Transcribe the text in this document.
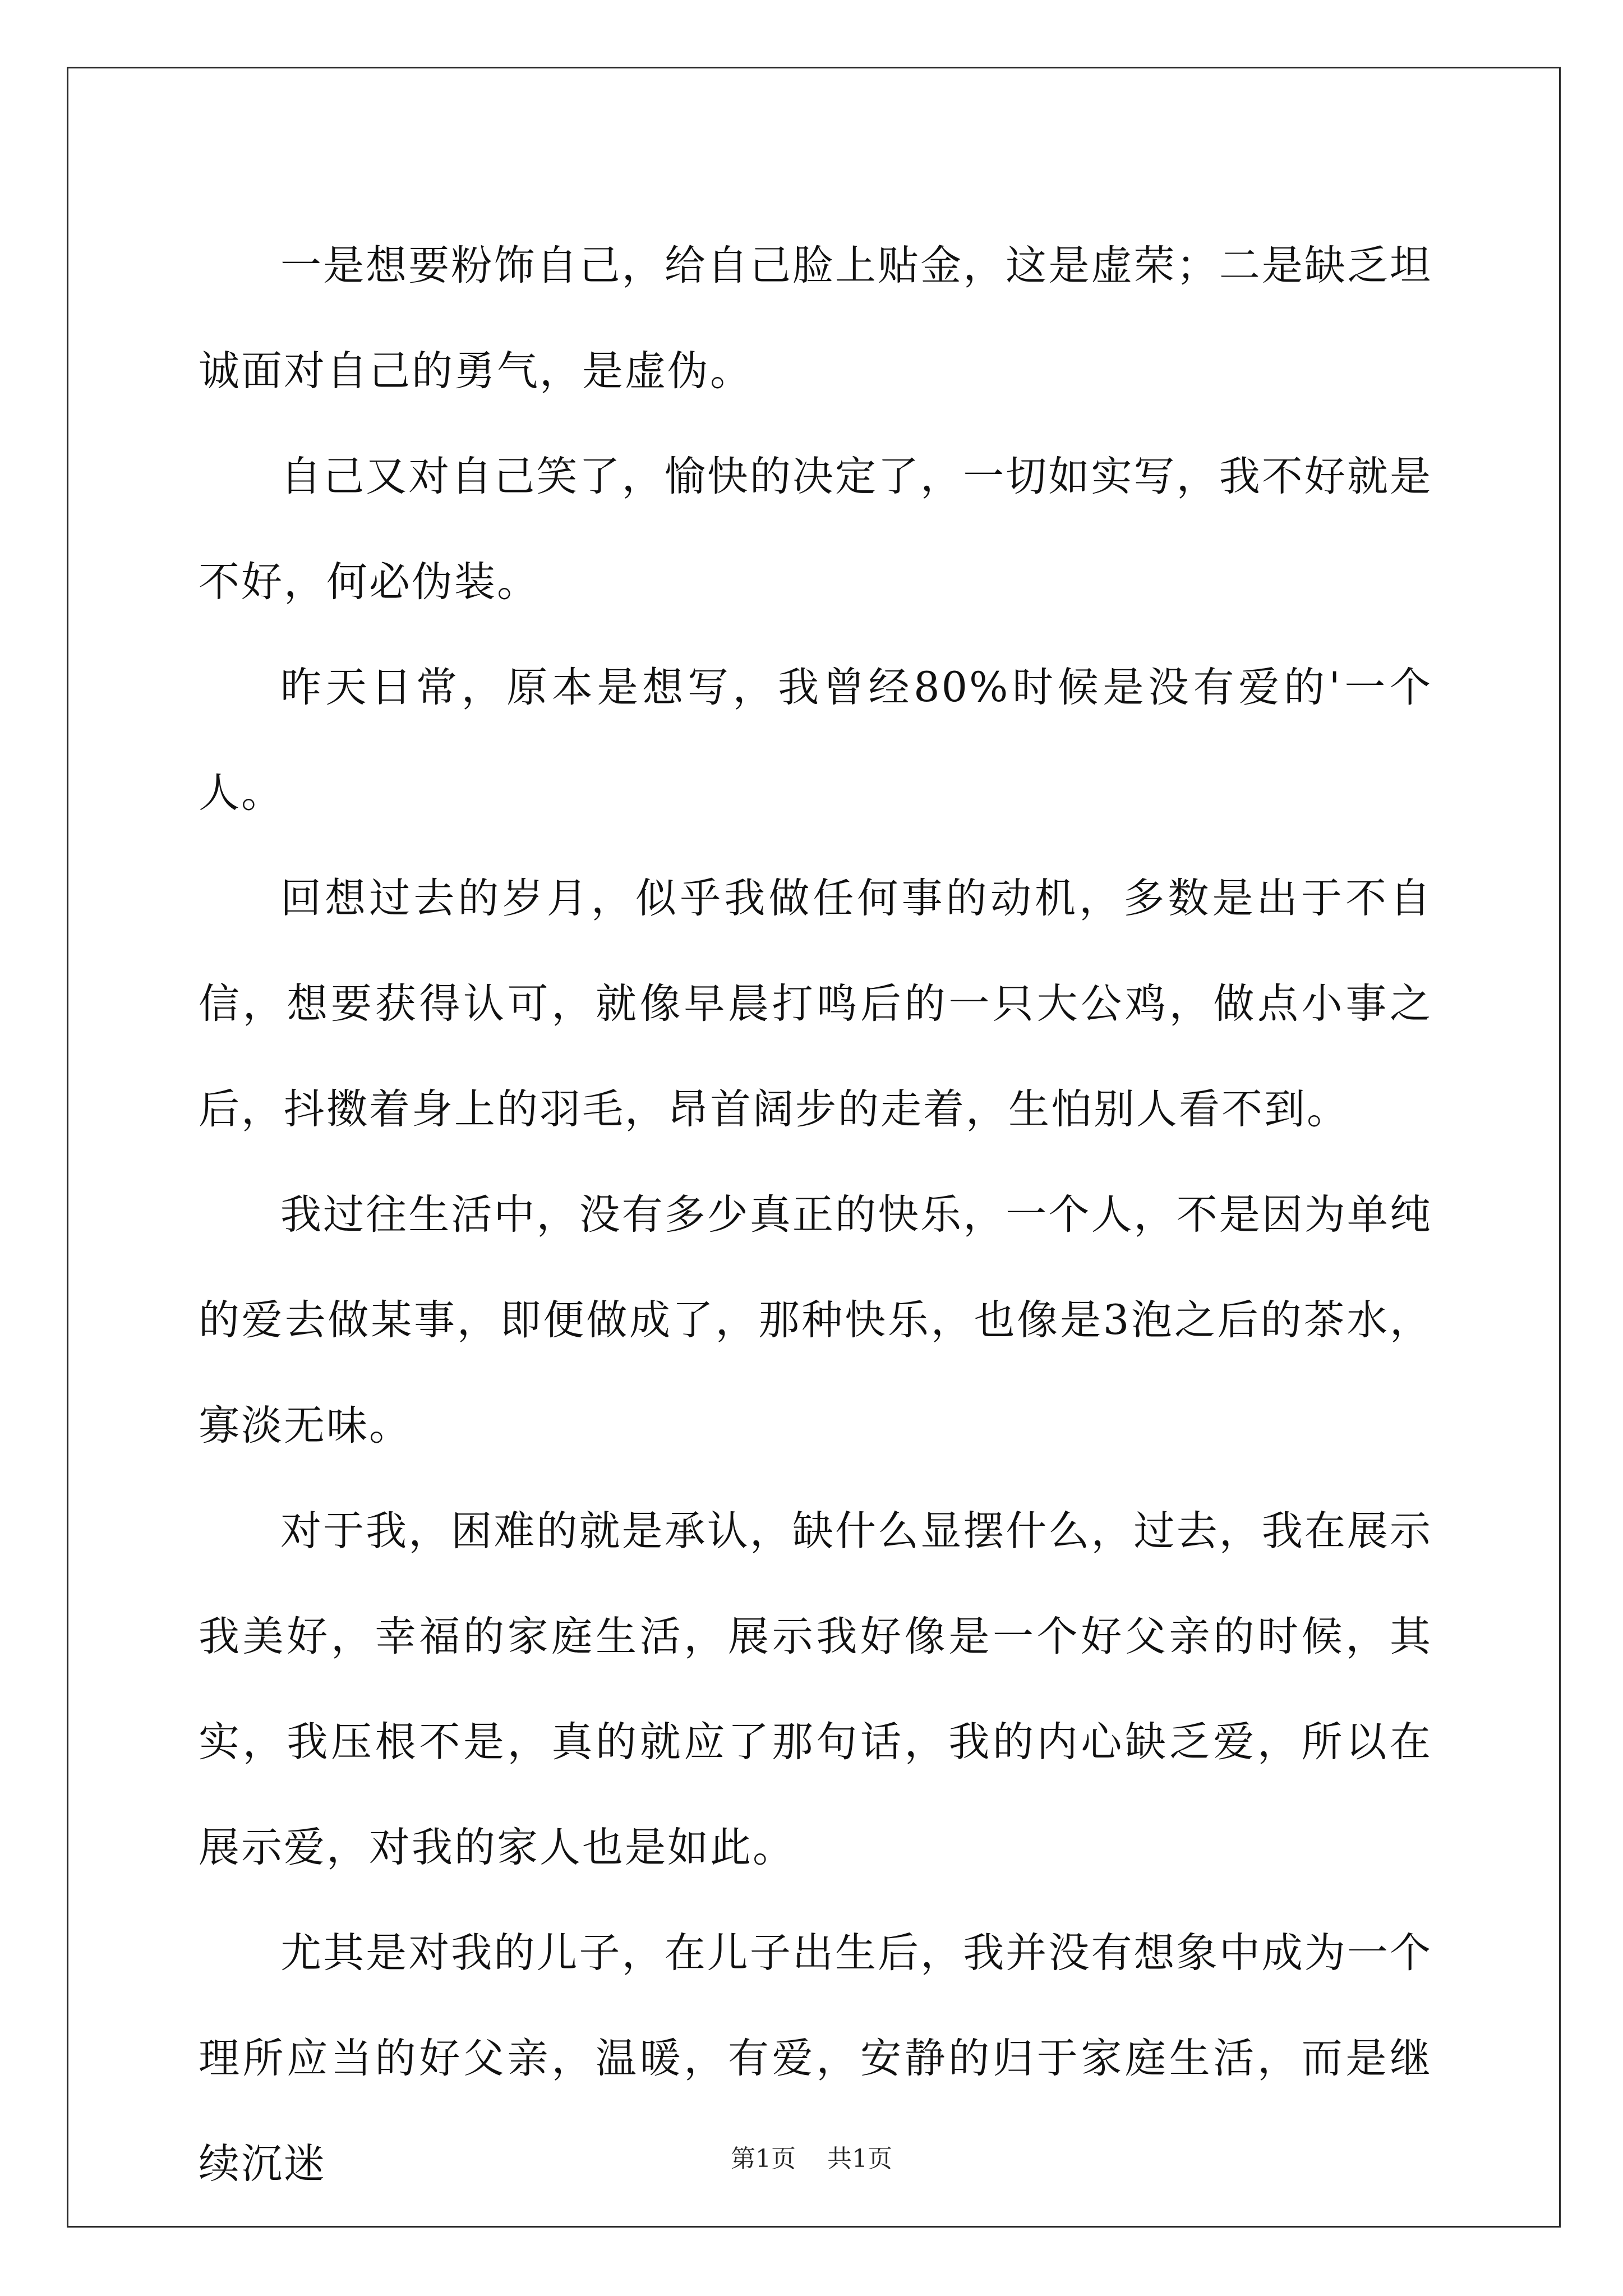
一是想要粉饰自己，给自己脸上贴金，这是虚荣；二是缺乏坦诚面对自己的勇气，是虚伪。

自己又对自己笑了，愉快的决定了，一切如实写，我不好就是不好，何必伪装。

昨天日常，原本是想写，我曾经80%时候是没有爱的'一个人。

回想过去的岁月，似乎我做任何事的动机，多数是出于不自信，想要获得认可，就像早晨打鸣后的一只大公鸡，做点小事之后，抖擞着身上的羽毛，昂首阔步的走着，生怕别人看不到。

我过往生活中，没有多少真正的快乐，一个人，不是因为单纯的爱去做某事，即便做成了，那种快乐，也像是3泡之后的茶水，寡淡无味。

对于我，困难的就是承认，缺什么显摆什么，过去，我在展示我美好，幸福的家庭生活，展示我好像是一个好父亲的时候，其实，我压根不是，真的就应了那句话，我的内心缺乏爱，所以在展示爱，对我的家人也是如此。

尤其是对我的儿子，在儿子出生后，我并没有想象中成为一个理所应当的好父亲，温暖，有爱，安静的归于家庭生活，而是继续沉迷	第1页 共1页
